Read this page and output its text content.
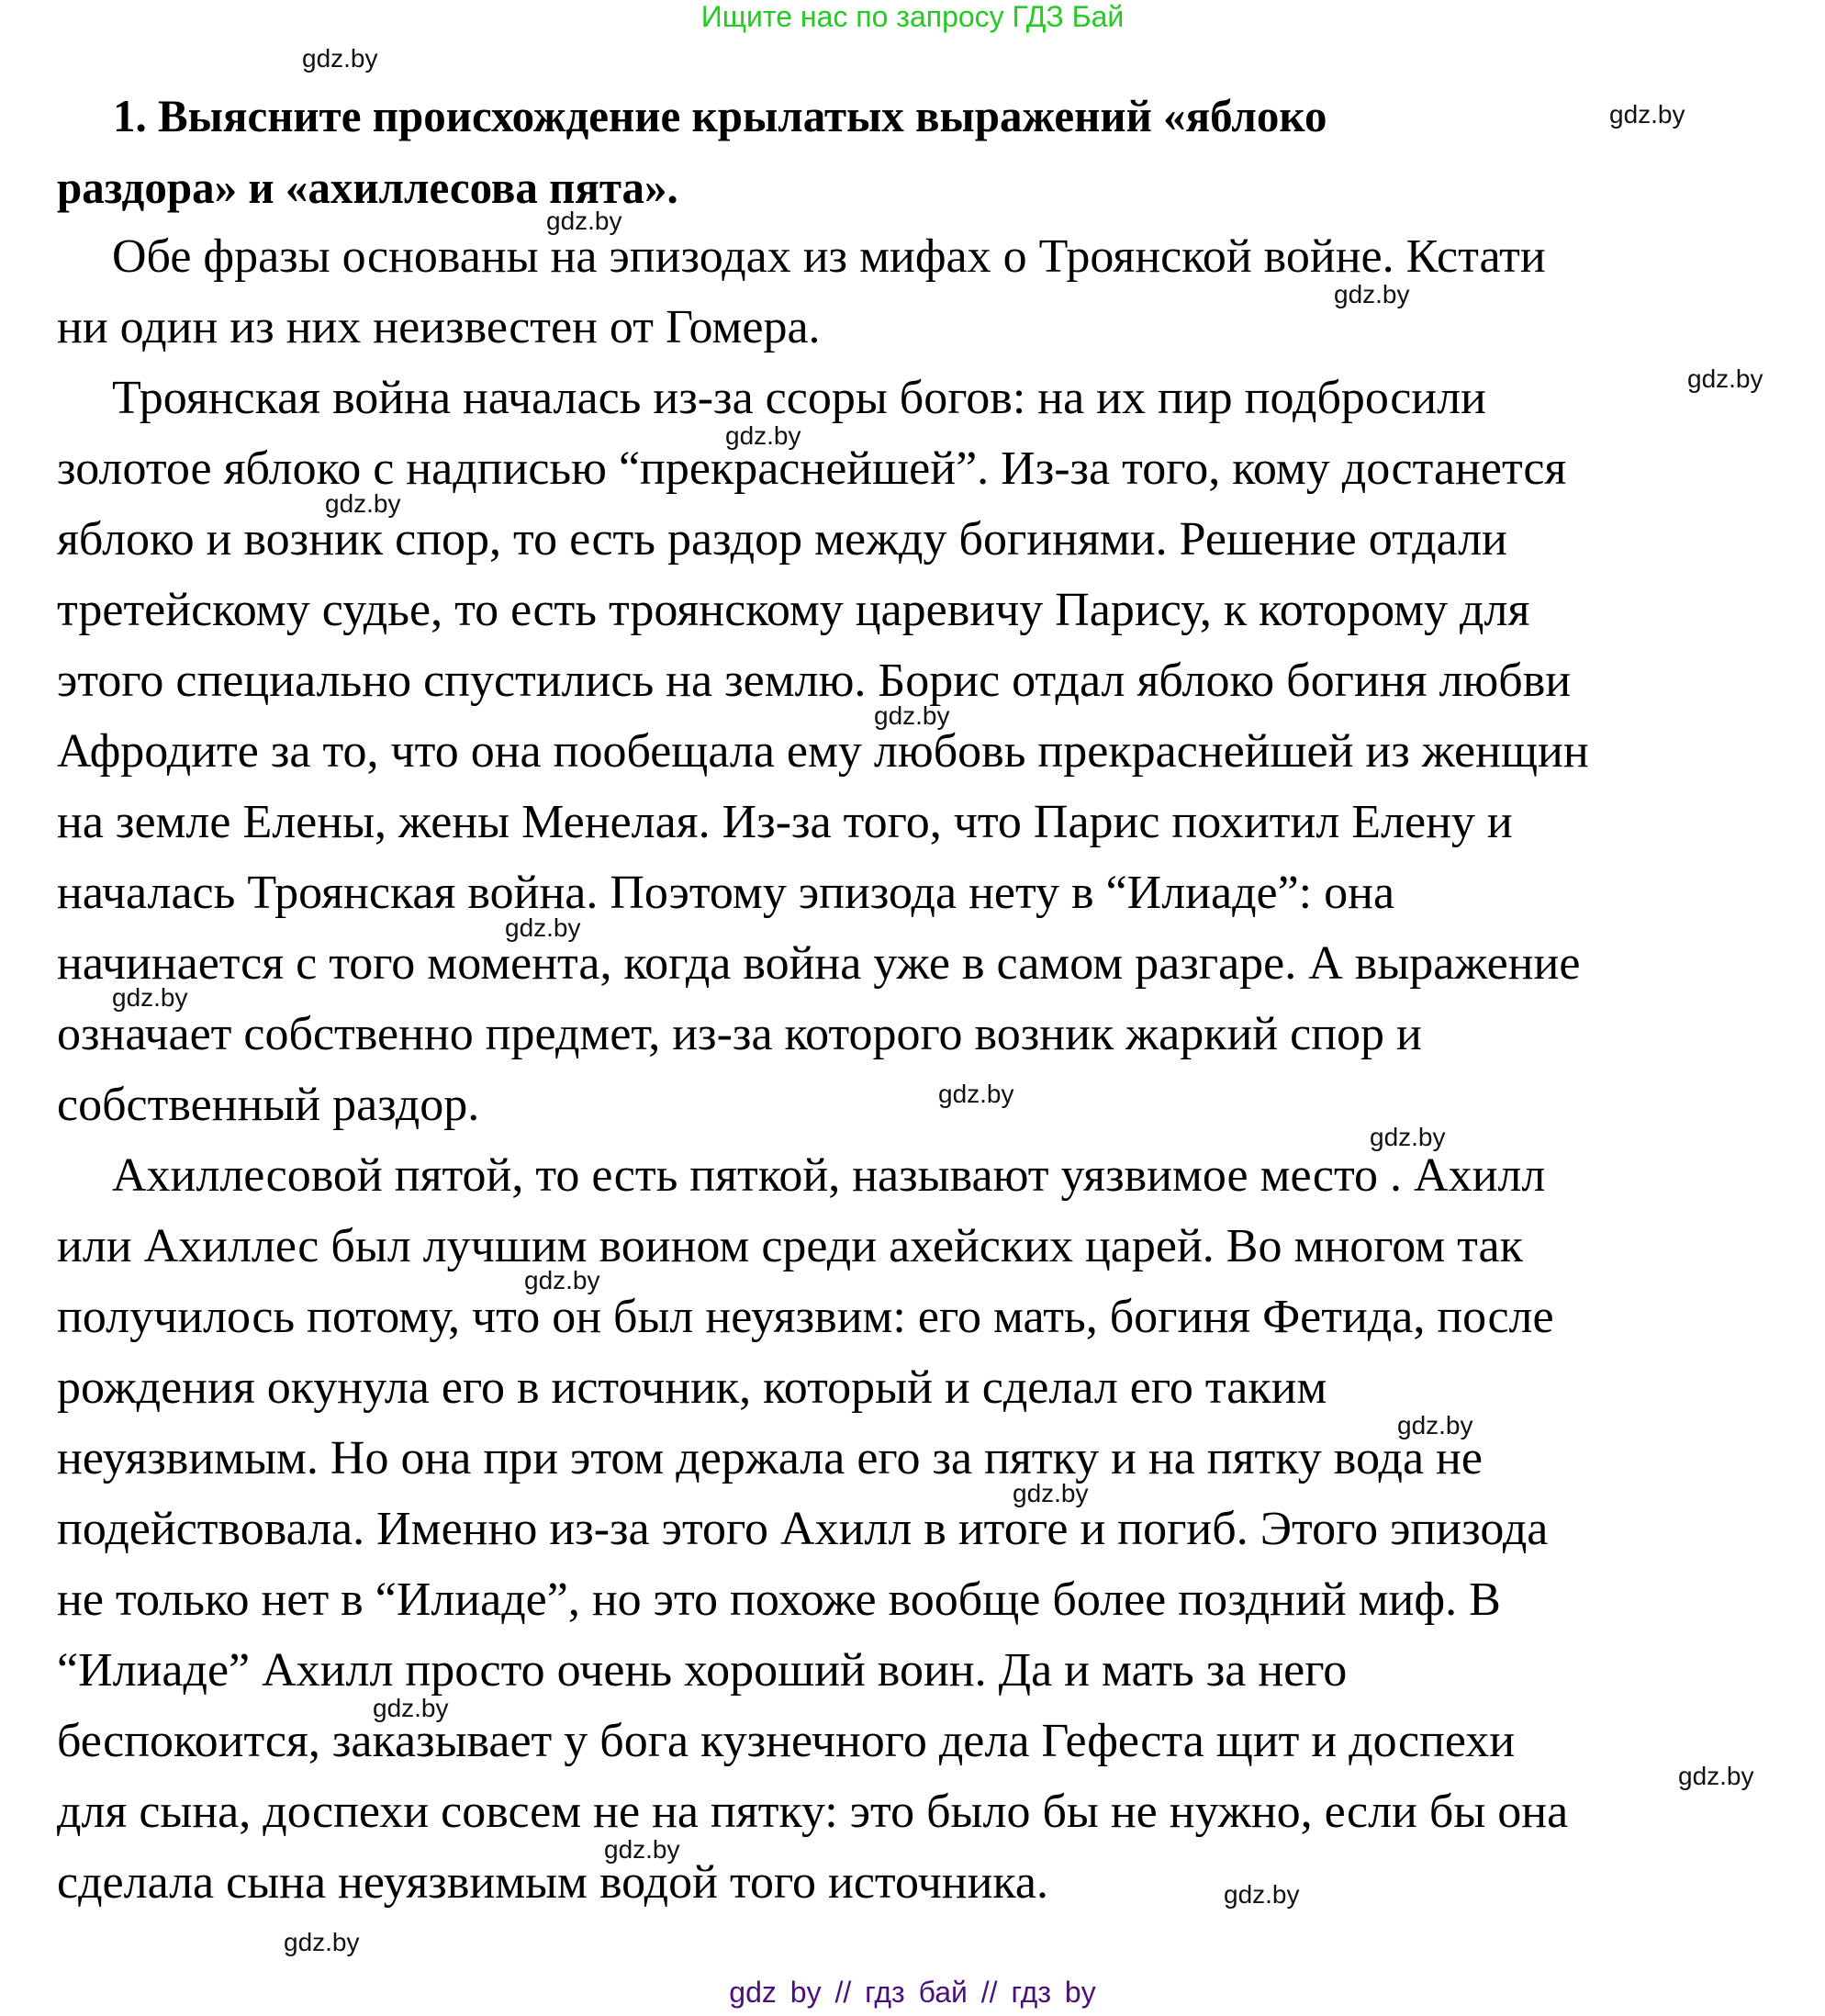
Ищите нас по запросу ГДЗ Бай
1. Выясните происхождение крылатых выражений «яблоко
раздора» и «ахиллесова пята».
Обе фразы основаны на эпизодах из мифах о Троянской войне. Кстати
ни один из них неизвестен от Гомера.
Троянская война началась из-за ссоры богов: на их пир подбросили
золотое яблоко с надписью “прекраснейшей”. Из-за того, кому достанется
яблоко и возник спор, то есть раздор между богинями. Решение отдали
третейскому судье, то есть троянскому царевичу Парису, к которому для
этого специально спустились на землю. Борис отдал яблоко богиня любви
Афродите за то, что она пообещала ему любовь прекраснейшей из женщин
на земле Елены, жены Менелая. Из-за того, что Парис похитил Елену и
началась Троянская война. Поэтому эпизода нету в “Илиаде”: она
начинается с того момента, когда война уже в самом разгаре. А выражение
означает собственно предмет, из-за которого возник жаркий спор и
собственный раздор.
Ахиллесовой пятой, то есть пяткой, называют уязвимое место . Ахилл
или Ахиллес был лучшим воином среди ахейских царей. Во многом так
получилось потому, что он был неуязвим: его мать, богиня Фетида, после
рождения окунула его в источник, который и сделал его таким
неуязвимым. Но она при этом держала его за пятку и на пятку вода не
подействовала. Именно из-за этого Ахилл в итоге и погиб. Этого эпизода
не только нет в “Илиаде”, но это похоже вообще более поздний миф. В
“Илиаде” Ахилл просто очень хороший воин. Да и мать за него
беспокоится, заказывает у бога кузнечного дела Гефеста щит и доспехи
для сына, доспехи совсем не на пятку: это было бы не нужно, если бы она
сделала сына неуязвимым водой того источника.
gdz.by
gdz.by
gdz.by
gdz.by
gdz.by
gdz.by
gdz.by
gdz.by
gdz.by
gdz.by
gdz.by
gdz.by
gdz.by
gdz.by
gdz.by
gdz.by
gdz.by
gdz.by
gdz.by
gdz.by
gdz by // гдз бай // гдз by
